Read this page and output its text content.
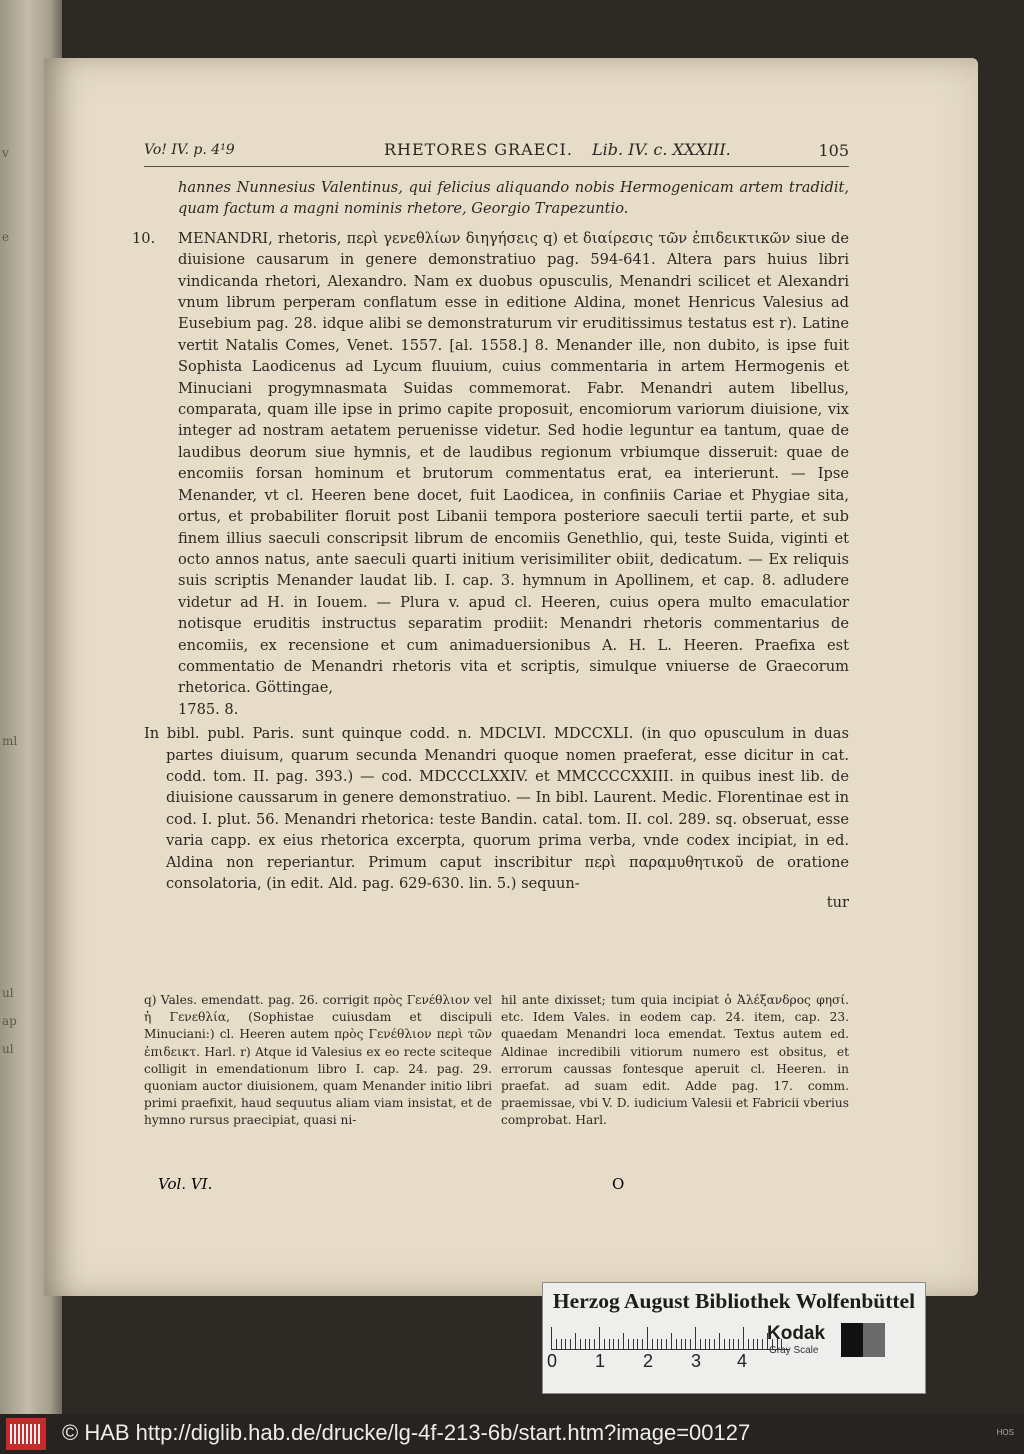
v
e
ml
ul
ap
ul
Vo! IV. p. 4¹9	RHETORES GRAECI. Lib. IV. c. XXXIII.	105
hannes Nunnesius Valentinus, qui felicius aliquando nobis Hermogenicam artem tradidit, quam factum a magni nominis rhetore, Georgio Trapezuntio.
10. MENANDRI, rhetoris, περὶ γενεθλίων διηγήσεις q) et διαίρεσις τῶν ἐπιδεικτικῶν siue de diuisione causarum in genere demonstratiuo pag. 594-641. Altera pars huius libri vindicanda rhetori, Alexandro. Nam ex duobus opusculis, Menandri scilicet et Alexandri vnum librum perperam conflatum esse in editione Aldina, monet Henricus Valesius ad Eusebium pag. 28. idque alibi se demonstraturum vir eruditissimus testatus est r). Latine vertit Natalis Comes, Venet. 1557. [al. 1558.] 8. Menander ille, non dubito, is ipse fuit Sophista Laodicenus ad Lycum fluuium, cuius commentaria in artem Hermogenis et Minuciani progymnasmata Suidas commemorat. Fabr. Menandri autem libellus, comparata, quam ille ipse in primo capite proposuit, encomiorum variorum diuisione, vix integer ad nostram aetatem peruenisse videtur. Sed hodie leguntur ea tantum, quae de laudibus deorum siue hymnis, et de laudibus regionum vrbiumque disseruit: quae de encomiis forsan hominum et brutorum commentatus erat, ea interierunt. — Ipse Menander, vt cl. Heeren bene docet, fuit Laodicea, in confiniis Cariae et Phygiae sita, ortus, et probabiliter floruit post Libanii tempora posteriore saeculi tertii parte, et sub finem illius saeculi conscripsit librum de encomiis Genethlio, qui, teste Suida, viginti et octo annos natus, ante saeculi quarti initium verisimiliter obiit, dedicatum. — Ex reliquis suis scriptis Menander laudat lib. I. cap. 3. hymnum in Apollinem, et cap. 8. adludere videtur ad H. in Iouem. — Plura v. apud cl. Heeren, cuius opera multo emaculatior notisque eruditis instructus separatim prodiit: Menandri rhetoris commentarius de encomiis, ex recensione et cum animaduersionibus A. H. L. Heeren. Praefixa est commentatio de Menandri rhetoris vita et scriptis, simulque vniuerse de Graecorum rhetorica. Göttingae,
1785. 8.
In bibl. publ. Paris. sunt quinque codd. n. MDCLVI. MDCCXLI. (in quo opusculum in duas partes diuisum, quarum secunda Menandri quoque nomen praeferat, esse dicitur in cat. codd. tom. II. pag. 393.) — cod. MDCCCLXXIV. et MMCCCCXXIII. in quibus inest lib. de diuisione caussarum in genere demonstratiuo. — In bibl. Laurent. Medic. Florentinae est in cod. I. plut. 56. Menandri rhetorica: teste Bandin. catal. tom. II. col. 289. sq. obseruat, esse varia capp. ex eius rhetorica excerpta, quorum prima verba, vnde codex incipiat, in ed. Aldina non reperiantur. Primum caput inscribitur περὶ παραμυθητικοῦ de oratione consolatoria, (in edit. Ald. pag. 629-630. lin. 5.) sequun-
tur
q) Vales. emendatt. pag. 26. corrigit πρὸς Γενέθλιον vel ἡ Γενεθλία, (Sophistae cuiusdam et discipuli Minuciani:) cl. Heeren autem πρὸς Γενέθλιον περὶ τῶν ἐπιδεικτ. Harl. r) Atque id Valesius ex eo recte sciteque colligit in emendationum libro I. cap. 24. pag. 29. quoniam auctor diuisionem, quam Menander initio libri primi praefixit, haud sequutus aliam viam insistat, et de hymno rursus praecipiat, quasi ni-
hil ante dixisset; tum quia incipiat ὁ Ἀλέξανδρος φησί. etc. Idem Vales. in eodem cap. 24. item, cap. 23. quaedam Menandri loca emendat. Textus autem ed. Aldinae incredibili vitiorum numero est obsitus, et errorum caussas fontesque aperuit cl. Heeren. in praefat. ad suam edit. Adde pag. 17. comm. praemissae, vbi V. D. iudicium Valesii et Fabricii vberius comprobat. Harl.
Vol. VI.	O
Herzog August Bibliothek Wolfenbüttel
0 1 2 3 4
Kodak
Gray Scale
© HAB http://diglib.hab.de/drucke/lg-4f-213-6b/start.htm?image=00127	HOS
